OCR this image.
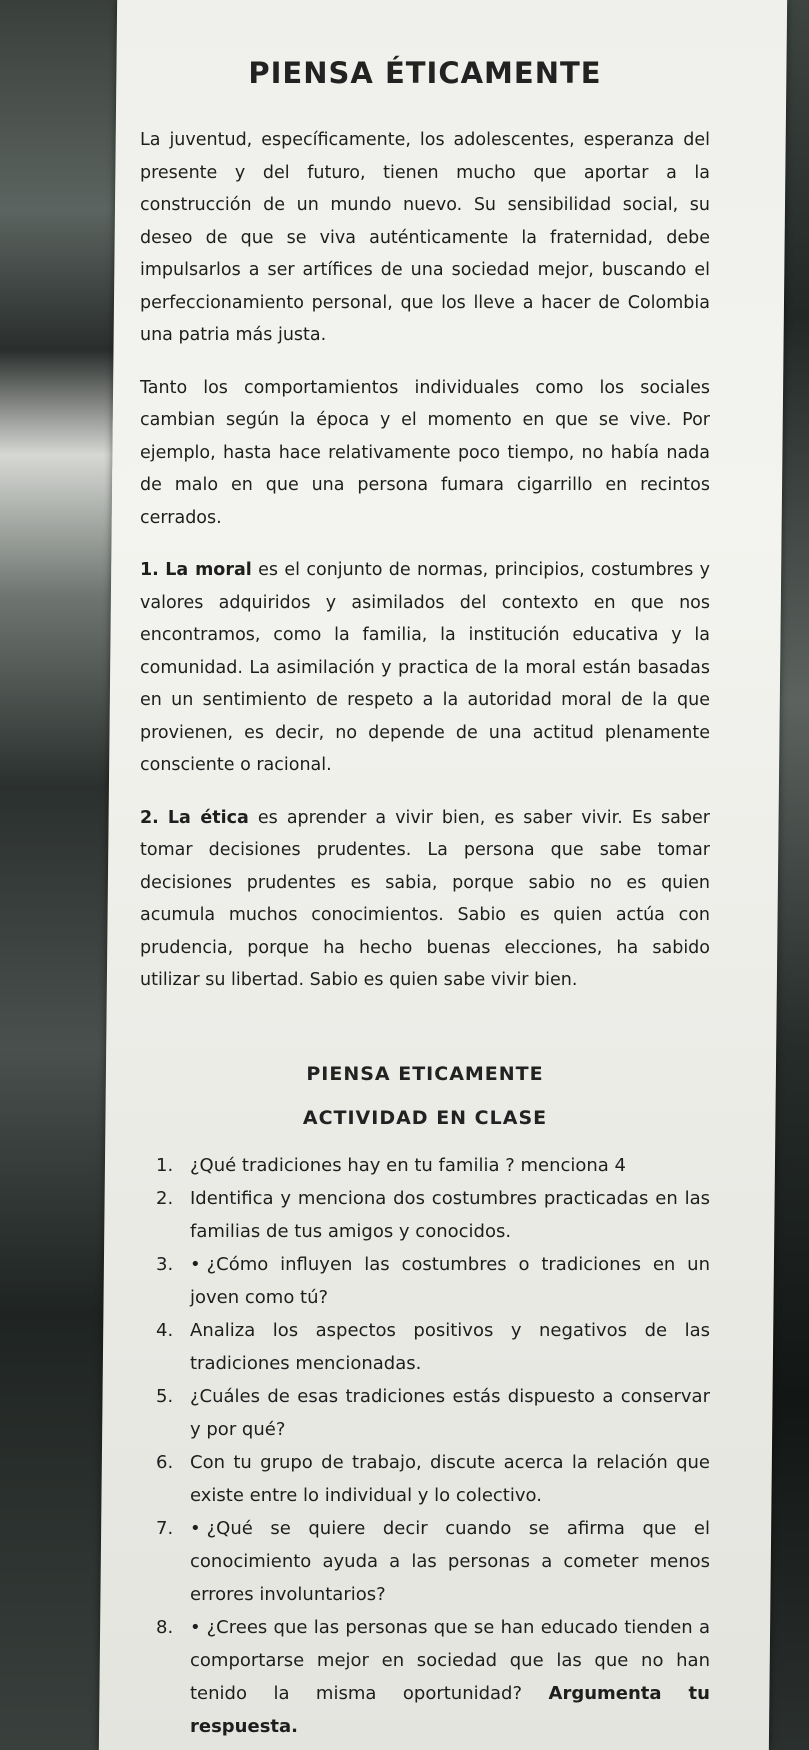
PIENSA ÉTICAMENTE

La juventud, específicamente, los adolescentes, esperanza del presente y del futuro, tienen mucho que aportar a la construcción de un mundo nuevo. Su sensibilidad social, su deseo de que se viva auténticamente la fraternidad, debe impulsarlos a ser artífices de una sociedad mejor, buscando el perfeccionamiento personal, que los lleve a hacer de Colombia una patria más justa.

Tanto los comportamientos individuales como los sociales cambian según la época y el momento en que se vive. Por ejemplo, hasta hace relativamente poco tiempo, no había nada de malo en que una persona fumara cigarrillo en recintos cerrados.

1. La moral es el conjunto de normas, principios, costumbres y valores adquiridos y asimilados del contexto en que nos encontramos, como la familia, la institución educativa y la comunidad. La asimilación y practica de la moral están basadas en un sentimiento de respeto a la autoridad moral de la que provienen, es decir, no depende de una actitud plenamente consciente o racional.

2. La ética es aprender a vivir bien, es saber vivir. Es saber tomar decisiones prudentes. La persona que sabe tomar decisiones prudentes es sabia, porque sabio no es quien acumula muchos conocimientos. Sabio es quien actúa con prudencia, porque ha hecho buenas elecciones, ha sabido utilizar su libertad. Sabio es quien sabe vivir bien.

PIENSA ETICAMENTE
ACTIVIDAD EN CLASE
1. ¿Qué tradiciones hay en tu familia ? menciona 4
2. Identifica y menciona dos costumbres practicadas en las familias de tus amigos y conocidos.
3. • ¿Cómo influyen las costumbres o tradiciones en un joven como tú?
4. Analiza los aspectos positivos y negativos de las tradiciones mencionadas.
5. ¿Cuáles de esas tradiciones estás dispuesto a conservar y por qué?
6. Con tu grupo de trabajo, discute acerca la relación que existe entre lo individual y lo colectivo.
7. • ¿Qué se quiere decir cuando se afirma que el conocimiento ayuda a las personas a cometer menos errores involuntarios?
8. • ¿Crees que las personas que se han educado tienden a comportarse mejor en sociedad que las que no han tenido la misma oportunidad? Argumenta tu respuesta.
